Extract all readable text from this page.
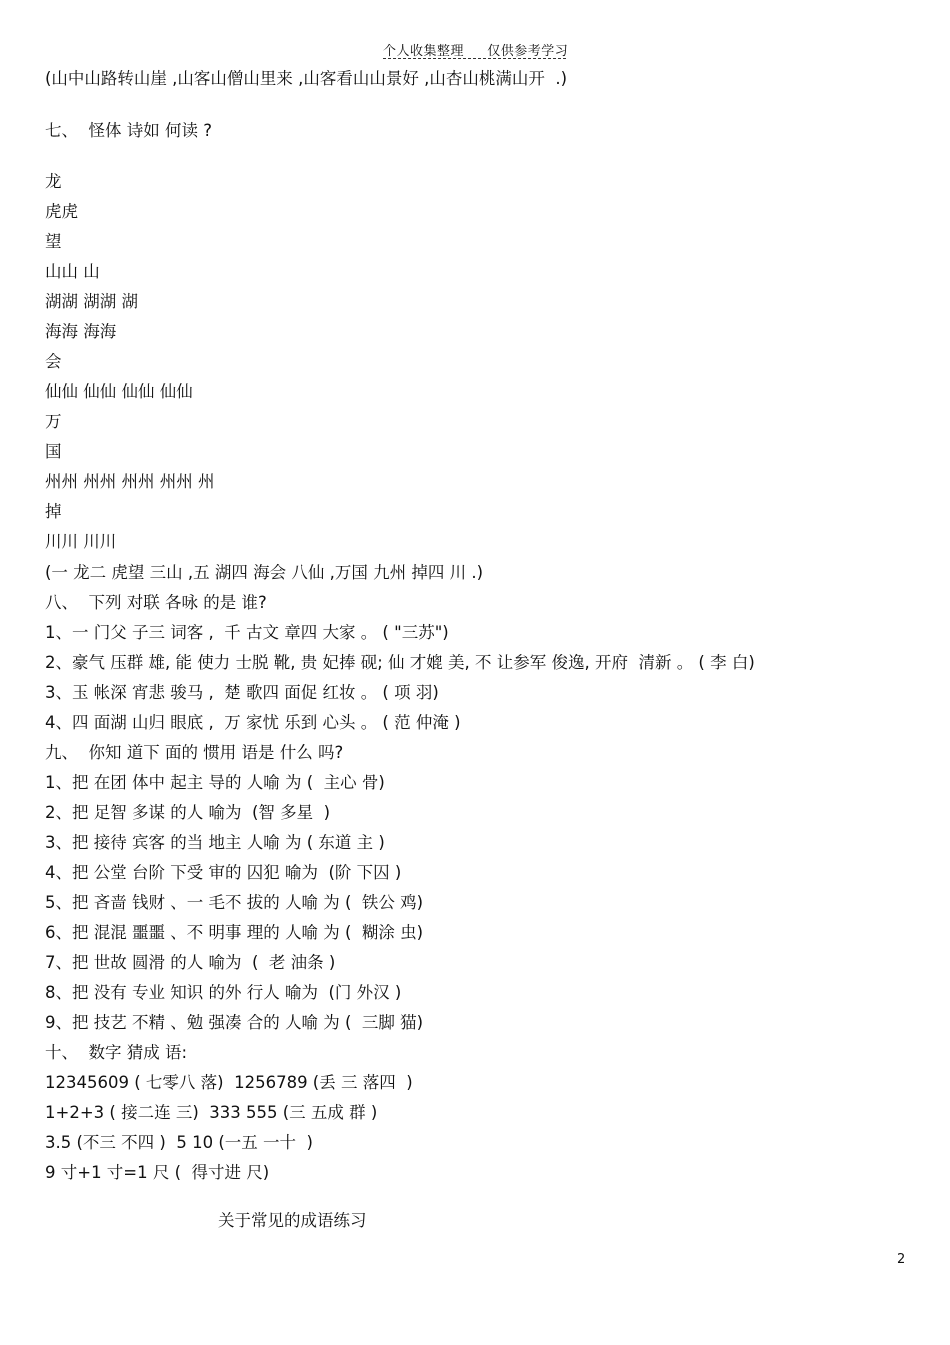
个人收集整理 仅供参考学习
(山中山路转山崖 ,山客山僧山里来 ,山客看山山景好 ,山杏山桃满山开  .)
七、  怪体 诗如 何读 ?
龙
虎虎
望
山山 山
湖湖 湖湖 湖
海海 海海
会
仙仙 仙仙 仙仙 仙仙
万
国
州州 州州 州州 州州 州
掉
川川 川川
(一 龙二 虎望 三山 ,五 湖四 海会 八仙 ,万国 九州 掉四 川 .)
八、  下列 对联 各咏 的是 谁?
1、一 门父 子三 词客 ,  千 古文 章四 大家 。 ( "三苏")
2、豪气 压群 雄, 能 使力 士脱 靴, 贵 妃捧 砚; 仙 才媲 美, 不 让参军 俊逸, 开府  清新 。 ( 李 白)
3、玉 帐深 宵悲 骏马 ,  楚 歌四 面促 红妆 。 ( 项 羽)
4、四 面湖 山归 眼底 ,  万 家忧 乐到 心头 。 ( 范 仲淹 )
九、  你知 道下 面的 惯用 语是 什么 吗?
1、把 在团 体中 起主 导的 人喻 为 (  主心 骨)
2、把 足智 多谋 的人 喻为  (智 多星  )
3、把 接待 宾客 的当 地主 人喻 为 ( 东道 主 )
4、把 公堂 台阶 下受 审的 囚犯 喻为  (阶 下囚 )
5、把 吝啬 钱财 、一 毛不 拔的 人喻 为 (  铁公 鸡)
6、把 混混 噩噩 、不 明事 理的 人喻 为 (  糊涂 虫)
7、把 世故 圆滑 的人 喻为  (  老 油条 )
8、把 没有 专业 知识 的外 行人 喻为  (门 外汉 )
9、把 技艺 不精 、勉 强凑 合的 人喻 为 (  三脚 猫)
十、  数字 猜成 语:
12345609 ( 七零八 落)  1256789 (丢 三 落四  )
1+2+3 ( 接二连 三)  333 555 (三 五成 群 )
3.5 (不三 不四 )  5 10 (一五 一十  )
9 寸+1 寸=1 尺 (  得寸进 尺)
关于常见的成语练习
2
